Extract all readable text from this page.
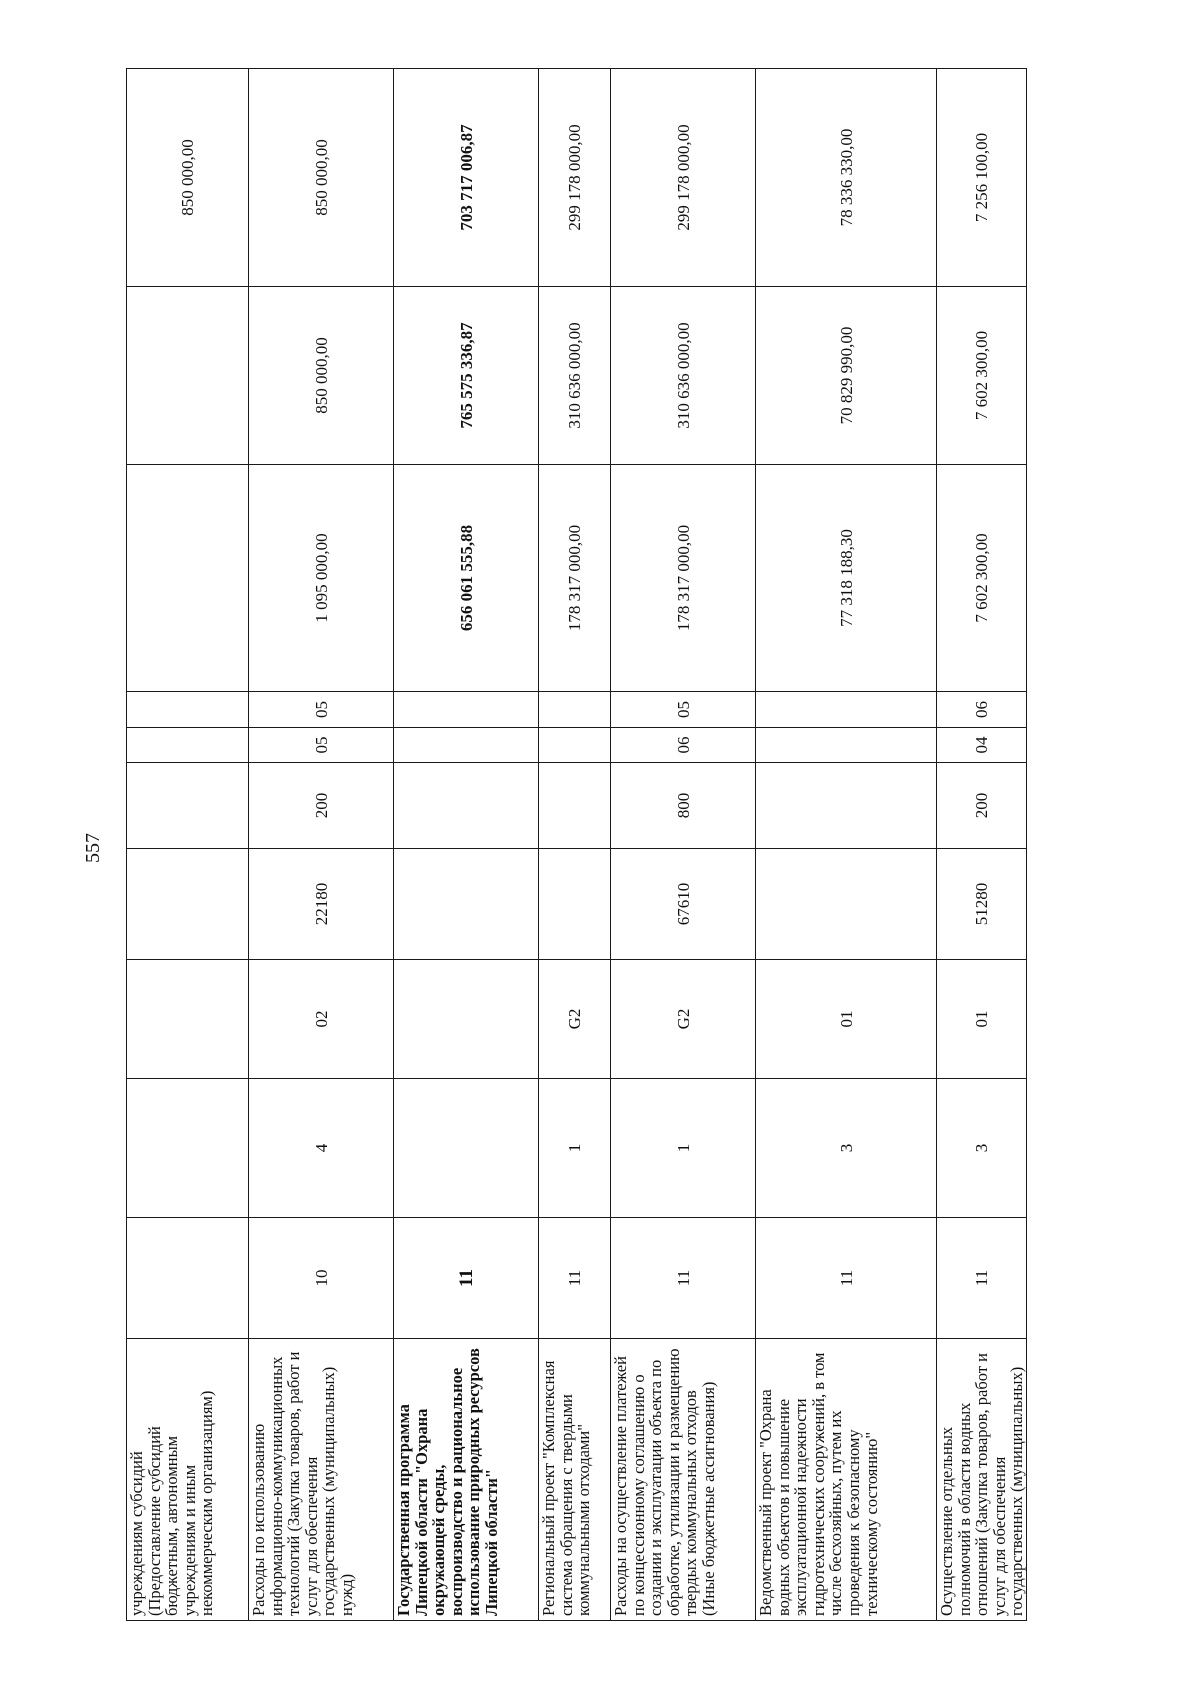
557
учреждениям субсидий (Предоставление субсидий бюджетным, автономным учреждениям и иным некоммерческим организациям)										850 000,00
Расходы по использованию информационно-коммуникационных технологий (Закупка товаров, работ и услуг для обеспечения государственных (муниципальных) нужд)	10	4	02	22180	200	05	05	1 095 000,00	850 000,00	850 000,00
Государственная программа Липецкой области "Охрана окружающей среды, воспроизводство и рациональное использование природных ресурсов Липецкой области"	11							656 061 555,88	765 575 336,87	703 717 006,87
Региональный проект "Комплексная система обращения с твердыми коммунальными отходами"	11	1	G2					178 317 000,00	310 636 000,00	299 178 000,00
Расходы на осуществление платежей по концессионному соглашению о создании и эксплуатации объекта по обработке, утилизации и размещению твердых коммунальных отходов (Иные бюджетные ассигнования)	11	1	G2	67610	800	06	05	178 317 000,00	310 636 000,00	299 178 000,00
Ведомственный проект "Охрана водных объектов и повышение эксплуатационной надежности гидротехнических сооружений, в том числе бесхозяйных, путем их проведения к безопасному техническому состоянию"	11	3	01					77 318 188,30	70 829 990,00	78 336 330,00
Осуществление отдельных полномочий в области водных отношений (Закупка товаров, работ и услуг для обеспечения государственных (муниципальных)	11	3	01	51280	200	04	06	7 602 300,00	7 602 300,00	7 256 100,00
